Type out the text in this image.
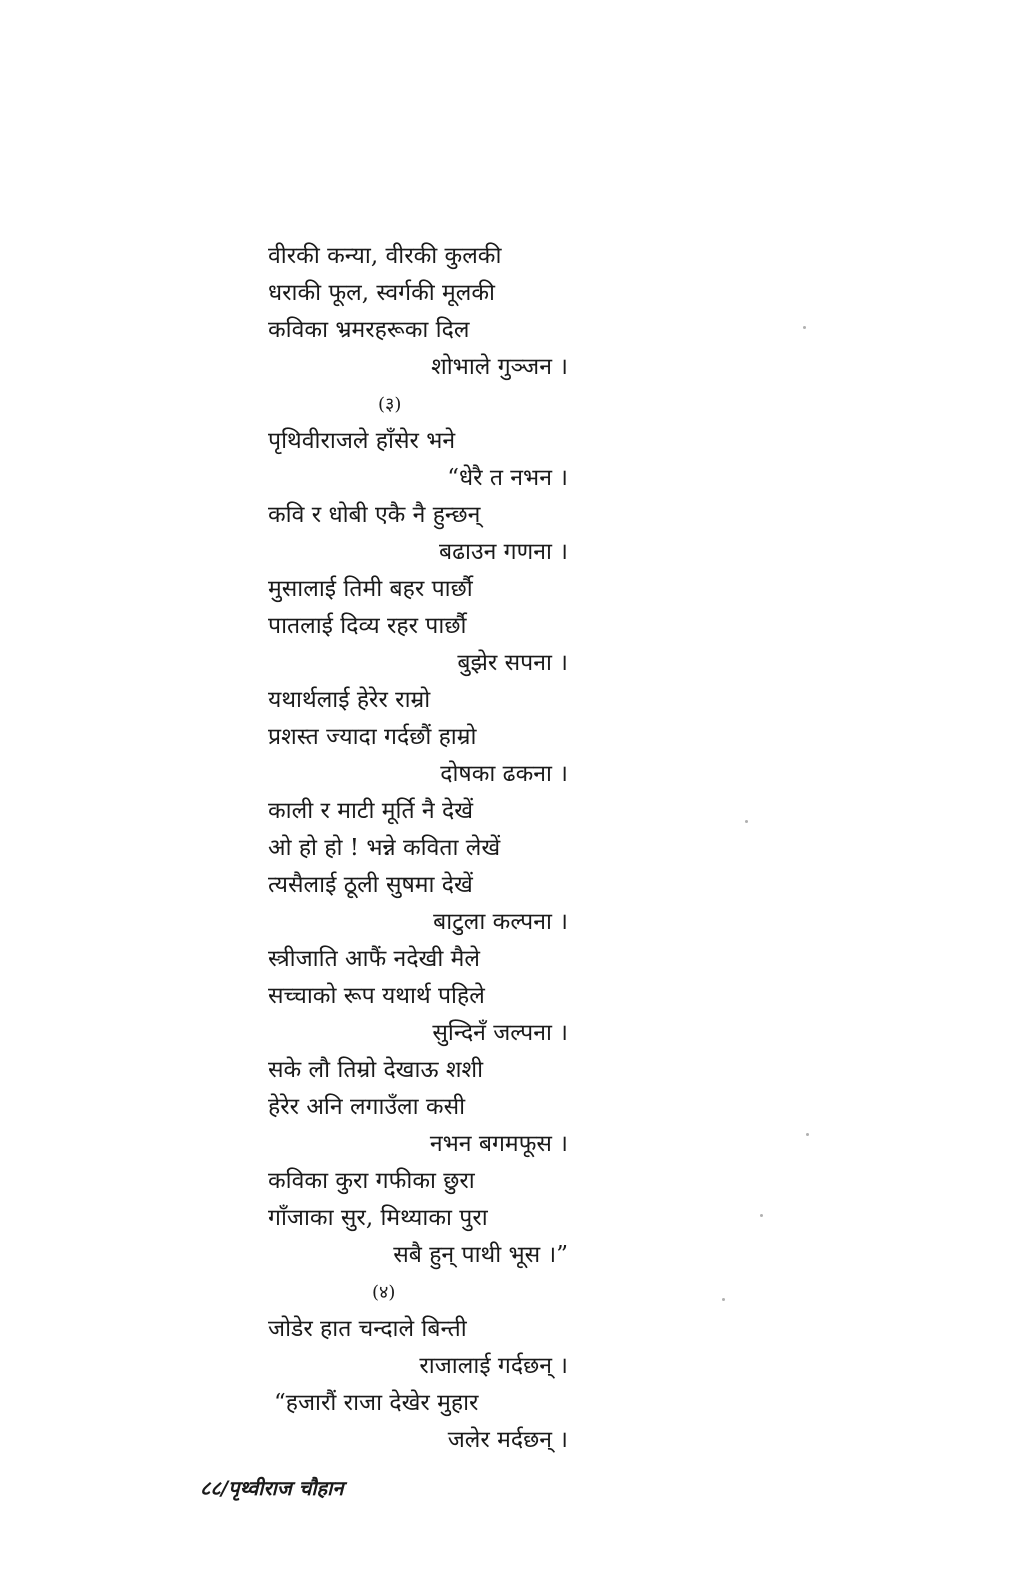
वीरकी कन्या, वीरकी कुलकी
धराकी फूल, स्वर्गकी मूलकी
कविका भ्रमरहरूका दिल
शोभाले गुञ्जन ।
(३)
पृथिवीराजले हाँसेर भने
“धेरै त नभन ।
कवि र धोबी एकै नै हुन्छन्
बढाउन गणना ।
मुसालाई तिमी बहर पार्छौ
पातलाई दिव्य रहर पार्छौ
बुझेर सपना ।
यथार्थलाई हेरेर राम्रो
प्रशस्त ज्यादा गर्दछौं हाम्रो
दोषका ढकना ।
काली र माटी मूर्ति नै देखें
ओ हो हो ! भन्ने कविता लेखें
त्यसैलाई ठूली सुषमा देखें
बाटुला कल्पना ।
स्त्रीजाति आफैं नदेखी मैले
सच्चाको रूप यथार्थ पहिले
सुन्दिनँ जल्पना ।
सके लौ तिम्रो देखाऊ शशी
हेरेर अनि लगाउँला कसी
नभन बगमफूस ।
कविका कुरा गफीका छुरा
गाँजाका सुर, मिथ्याका पुरा
सबै हुन् पाथी भूस ।”
(४)
जोडेर हात चन्दाले बिन्ती
राजालाई गर्दछन् ।
“हजारौं राजा देखेर मुहार
जलेर मर्दछन् ।
८८/पृथ्वीराज चौहान
